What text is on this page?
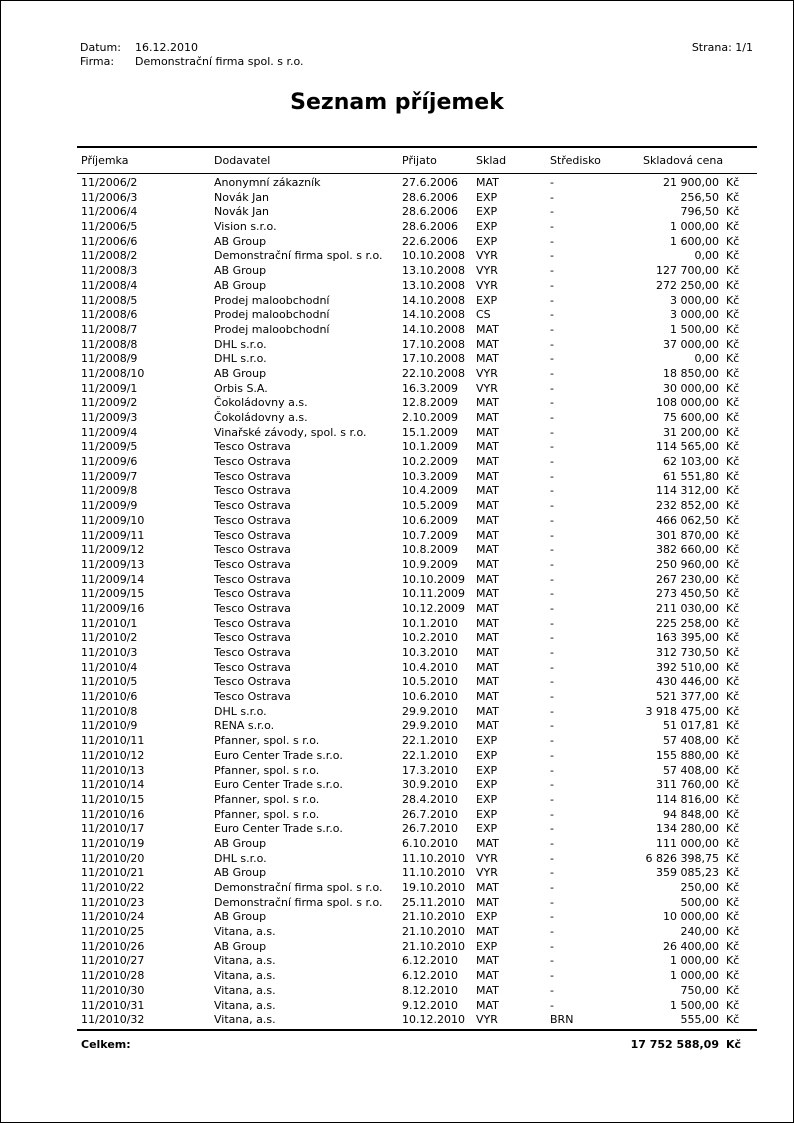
Datum: 16.12.2010
Firma: Demonstrační firma spol. s r.o.
Strana: 1/1
Seznam příjemek
Příjemka	Dodavatel	Přijato	Sklad	Středisko	Skladová cena
11/2006/2	Anonymní zákazník	27.6.2006 MAT	-	21 900,00 Kč
11/2006/3	Novák Jan	28.6.2006 EXP	-	256,50 Kč
11/2006/4	Novák Jan	28.6.2006 EXP	-	796,50 Kč
11/2006/5	Vision s.r.o.	28.6.2006 EXP	-	1 000,00 Kč
11/2006/6	AB Group	22.6.2006 EXP	-	1 600,00 Kč
11/2008/2	Demonstrační firma spol. s r.o. 10.10.2008 VYR	-	0,00 Kč
11/2008/3	AB Group	13.10.2008 VYR	-	127 700,00 Kč
11/2008/4	AB Group	13.10.2008 VYR	-	272 250,00 Kč
11/2008/5	Prodej maloobchodní	14.10.2008 EXP	-	3 000,00 Kč
11/2008/6	Prodej maloobchodní	14.10.2008 CS	-	3 000,00 Kč
11/2008/7	Prodej maloobchodní	14.10.2008 MAT	-	1 500,00 Kč
11/2008/8	DHL s.r.o.	17.10.2008 MAT	-	37 000,00 Kč
11/2008/9	DHL s.r.o.	17.10.2008 MAT	-	0,00 Kč
11/2008/10	AB Group	22.10.2008 VYR	-	18 850,00 Kč
11/2009/1	Orbis S.A.	16.3.2009 VYR	-	30 000,00 Kč
11/2009/2	Čokoládovny a.s.	12.8.2009 MAT	-	108 000,00 Kč
11/2009/3	Čokoládovny a.s.	2.10.2009 MAT	-	75 600,00 Kč
11/2009/4	Vinařské závody, spol. s r.o.	15.1.2009 MAT	-	31 200,00 Kč
11/2009/5	Tesco Ostrava	10.1.2009 MAT	-	114 565,00 Kč
11/2009/6	Tesco Ostrava	10.2.2009 MAT	-	62 103,00 Kč
11/2009/7	Tesco Ostrava	10.3.2009 MAT	-	61 551,80 Kč
11/2009/8	Tesco Ostrava	10.4.2009 MAT	-	114 312,00 Kč
11/2009/9	Tesco Ostrava	10.5.2009 MAT	-	232 852,00 Kč
11/2009/10	Tesco Ostrava	10.6.2009 MAT	-	466 062,50 Kč
11/2009/11	Tesco Ostrava	10.7.2009 MAT	-	301 870,00 Kč
11/2009/12	Tesco Ostrava	10.8.2009 MAT	-	382 660,00 Kč
11/2009/13	Tesco Ostrava	10.9.2009 MAT	-	250 960,00 Kč
11/2009/14	Tesco Ostrava	10.10.2009 MAT	-	267 230,00 Kč
11/2009/15	Tesco Ostrava	10.11.2009 MAT	-	273 450,50 Kč
11/2009/16	Tesco Ostrava	10.12.2009 MAT	-	211 030,00 Kč
11/2010/1	Tesco Ostrava	10.1.2010 MAT	-	225 258,00 Kč
11/2010/2	Tesco Ostrava	10.2.2010 MAT	-	163 395,00 Kč
11/2010/3	Tesco Ostrava	10.3.2010 MAT	-	312 730,50 Kč
11/2010/4	Tesco Ostrava	10.4.2010 MAT	-	392 510,00 Kč
11/2010/5	Tesco Ostrava	10.5.2010 MAT	-	430 446,00 Kč
11/2010/6	Tesco Ostrava	10.6.2010 MAT	-	521 377,00 Kč
11/2010/8	DHL s.r.o.	29.9.2010 MAT	-	3 918 475,00 Kč
11/2010/9	RENA s.r.o.	29.9.2010 MAT	-	51 017,81 Kč
11/2010/11	Pfanner, spol. s r.o.	22.1.2010 EXP	-	57 408,00 Kč
11/2010/12	Euro Center Trade s.r.o.	22.1.2010 EXP	-	155 880,00 Kč
11/2010/13	Pfanner, spol. s r.o.	17.3.2010 EXP	-	57 408,00 Kč
11/2010/14	Euro Center Trade s.r.o.	30.9.2010 EXP	-	311 760,00 Kč
11/2010/15	Pfanner, spol. s r.o.	28.4.2010 EXP	-	114 816,00 Kč
11/2010/16	Pfanner, spol. s r.o.	26.7.2010 EXP	-	94 848,00 Kč
11/2010/17	Euro Center Trade s.r.o.	26.7.2010 EXP	-	134 280,00 Kč
11/2010/19	AB Group	6.10.2010 MAT	-	111 000,00 Kč
11/2010/20	DHL s.r.o.	11.10.2010 VYR	-	6 826 398,75 Kč
11/2010/21	AB Group	11.10.2010 VYR	-	359 085,23 Kč
11/2010/22	Demonstrační firma spol. s r.o. 19.10.2010 MAT	-	250,00 Kč
11/2010/23	Demonstrační firma spol. s r.o. 25.11.2010 MAT	-	500,00 Kč
11/2010/24	AB Group	21.10.2010 EXP	-	10 000,00 Kč
11/2010/25	Vitana, a.s.	21.10.2010 MAT	-	240,00 Kč
11/2010/26	AB Group	21.10.2010 EXP	-	26 400,00 Kč
11/2010/27	Vitana, a.s.	6.12.2010 MAT	-	1 000,00 Kč
11/2010/28	Vitana, a.s.	6.12.2010 MAT	-	1 000,00 Kč
11/2010/30	Vitana, a.s.	8.12.2010 MAT	-	750,00 Kč
11/2010/31	Vitana, a.s.	9.12.2010 MAT	-	1 500,00 Kč
11/2010/32	Vitana, a.s.	10.12.2010 VYR	BRN	555,00 Kč
Celkem:	17 752 588,09 Kč
